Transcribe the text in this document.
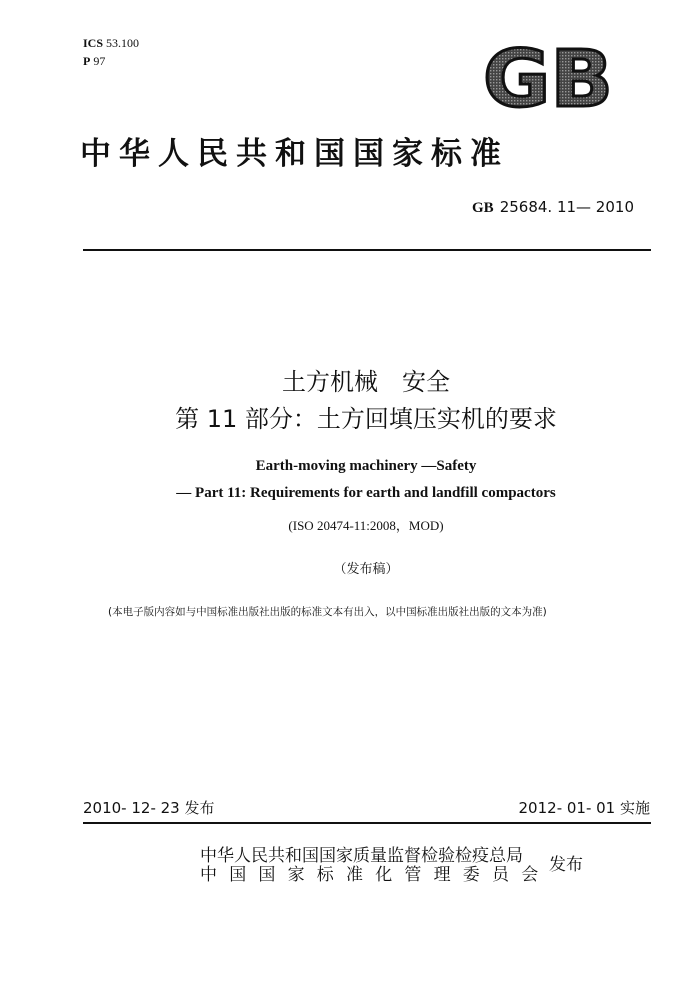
ICS 53.100
P 97	GB
中华人民共和国国家标准
GB 25684. 11— 2010
土方机械　安全
第 11 部分：土方回填压实机的要求
Earth-moving machinery —Safety
— Part 11: Requirements for earth and landfill compactors
(ISO 20474-11:2008，MOD)
（发布稿）
(本电子版内容如与中国标准出版社出版的标准文本有出入，以中国标准出版社出版的文本为准)
2010- 12- 23 发布	2012- 01- 01 实施
中华人民共和国国家质量监督检验检疫总局
中国国家标准化管理委员会
发布
